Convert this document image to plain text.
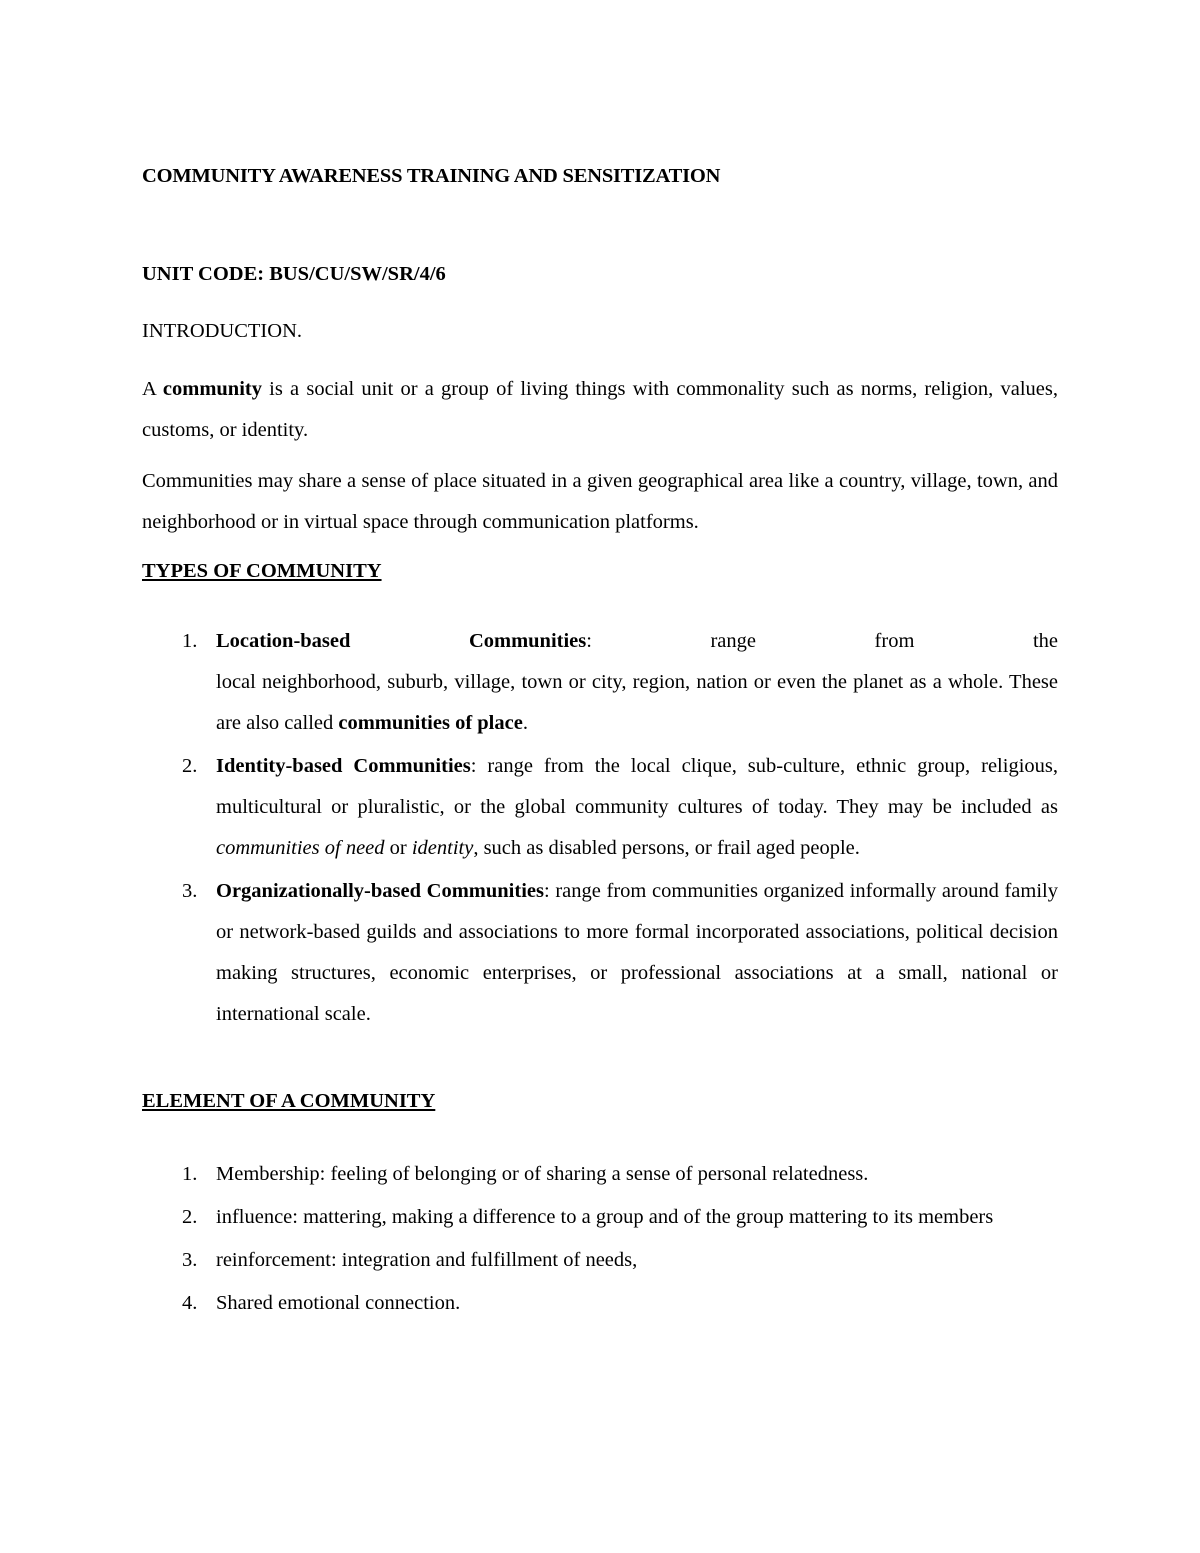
COMMUNITY AWARENESS TRAINING AND SENSITIZATION

UNIT CODE: BUS/CU/SW/SR/4/6

INTRODUCTION.

A community is a social unit or a group of living things with commonality such as norms, religion, values, customs, or identity.

Communities may share a sense of place situated in a given geographical area like a country, village, town, and neighborhood or in virtual space through communication platforms.

TYPES OF COMMUNITY

1. Location-based	Communities:	range	from	the
local neighborhood, suburb, village, town or city, region, nation or even the planet as a whole. These are also called communities of place.
2. Identity-based Communities: range from the local clique, sub-culture, ethnic group, religious, multicultural or pluralistic, or the global community cultures of today. They may be included as communities of need or identity, such as disabled persons, or frail aged people.
3. Organizationally-based Communities: range from communities organized informally around family or network-based guilds and associations to more formal incorporated associations, political decision making structures, economic enterprises, or professional associations at a small, national or international scale.

ELEMENT OF A COMMUNITY

1. Membership: feeling of belonging or of sharing a sense of personal relatedness.
2. influence: mattering, making a difference to a group and of the group mattering to its members
3. reinforcement: integration and fulfillment of needs,
4. Shared emotional connection.
